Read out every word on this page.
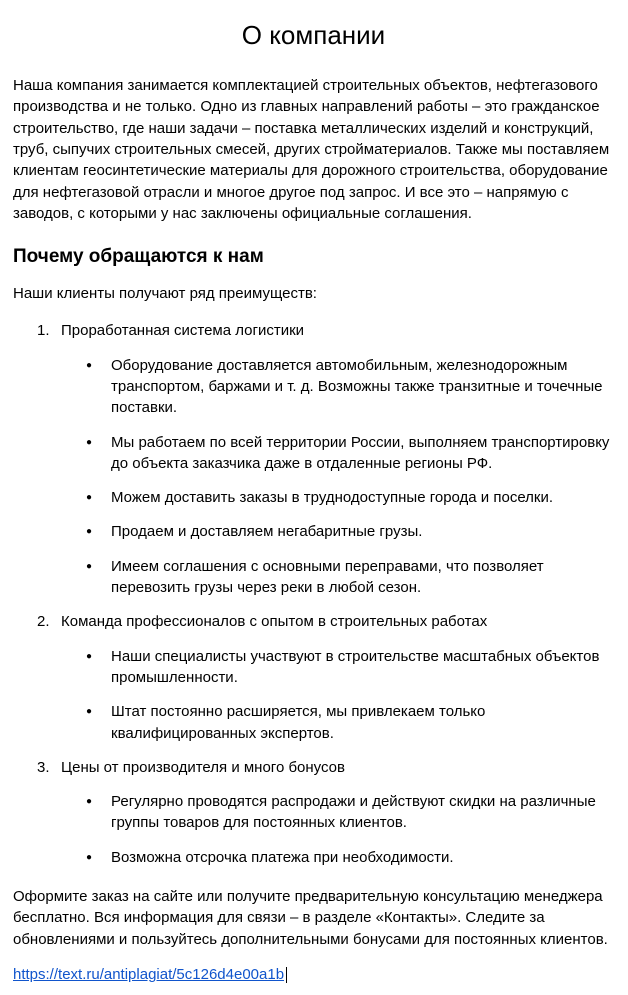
О компании

Наша компания занимается комплектацией строительных объектов, нефтегазового производства и не только. Одно из главных направлений работы – это гражданское строительство, где наши задачи – поставка металлических изделий и конструкций, труб, сыпучих строительных смесей, других стройматериалов. Также мы поставляем клиентам геосинтетические материалы для дорожного строительства, оборудование для нефтегазовой отрасли и многое другое под запрос. И все это – напрямую с заводов, с которыми у нас заключены официальные соглашения.

Почему обращаются к нам

Наши клиенты получают ряд преимуществ:

1. Проработанная система логистики
●	Оборудование доставляется автомобильным, железнодорожным транспортом, баржами и т. д. Возможны также транзитные и точечные поставки.
●	Мы работаем по всей территории России, выполняем транспортировку до объекта заказчика даже в отдаленные регионы РФ.
●	Можем доставить заказы в труднодоступные города и поселки.
●	Продаем и доставляем негабаритные грузы.
●	Имеем соглашения с основными переправами, что позволяет перевозить грузы через реки в любой сезон.
2. Команда профессионалов с опытом в строительных работах
●	Наши специалисты участвуют в строительстве масштабных объектов промышленности.
●	Штат постоянно расширяется, мы привлекаем только квалифицированных экспертов.
3. Цены от производителя и много бонусов
●	Регулярно проводятся распродажи и действуют скидки на различные группы товаров для постоянных клиентов.
●	Возможна отсрочка платежа при необходимости.

Оформите заказ на сайте или получите предварительную консультацию менеджера бесплатно. Вся информация для связи – в разделе «Контакты». Следите за обновлениями и пользуйтесь дополнительными бонусами для постоянных клиентов.

https://text.ru/antiplagiat/5c126d4e00a1b
